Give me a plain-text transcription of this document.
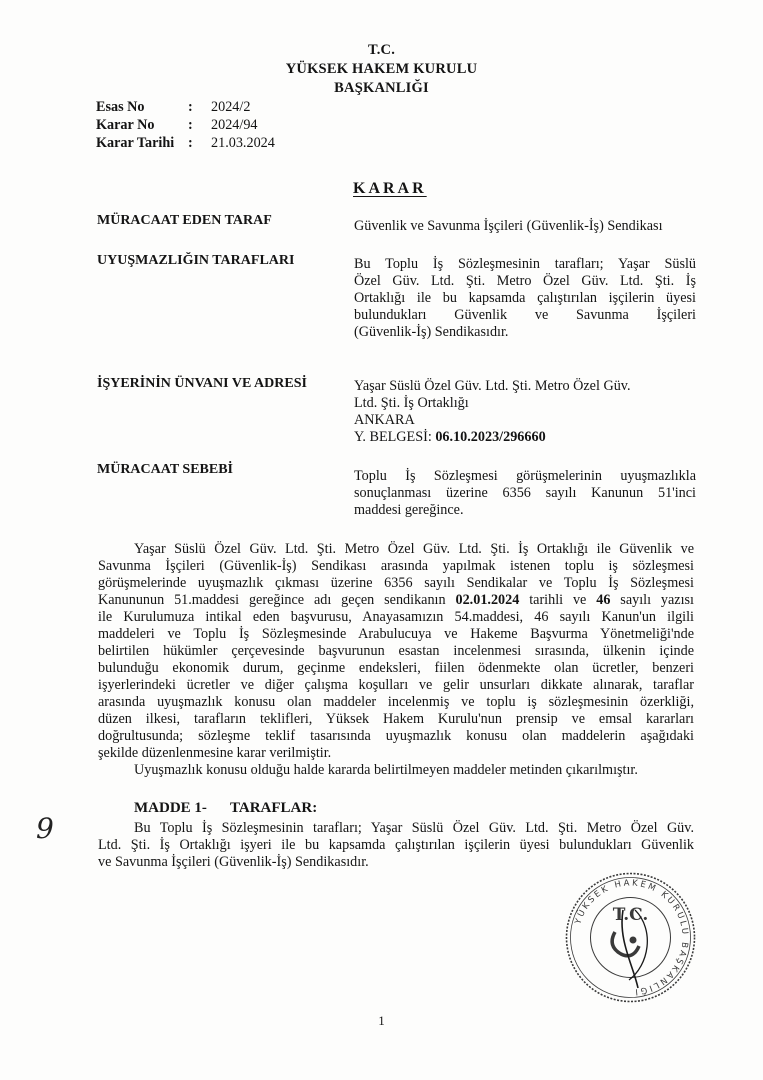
T.C.
YÜKSEK HAKEM KURULU
BAŞKANLIĞI
Esas No	: 2024/2
Karar No : 2024/94
Karar Tarihi : 21.03.2024
KARAR
MÜRACAAT EDEN TARAF	Güvenlik ve Savunma İşçileri (Güvenlik-İş) Sendikası
UYUŞMAZLIĞIN TARAFLARI	Bu Toplu İş Sözleşmesinin tarafları; Yaşar Süslü
Özel Güv. Ltd. Şti. Metro Özel Güv. Ltd. Şti. İş
Ortaklığı ile bu kapsamda çalıştırılan işçilerin üyesi
bulundukları Güvenlik ve Savunma İşçileri
(Güvenlik-İş) Sendikasıdır.
İŞYERİNİN ÜNVANI VE ADRESİ	Yaşar Süslü Özel Güv. Ltd. Şti. Metro Özel Güv.
Ltd. Şti. İş Ortaklığı
ANKARA
Y. BELGESİ: 06.10.2023/296660
MÜRACAAT SEBEBİ	Toplu İş Sözleşmesi görüşmelerinin uyuşmazlıkla
sonuçlanması üzerine 6356 sayılı Kanunun 51'inci
maddesi gereğince.
Yaşar Süslü Özel Güv. Ltd. Şti. Metro Özel Güv. Ltd. Şti. İş Ortaklığı ile Güvenlik ve
Savunma İşçileri (Güvenlik-İş) Sendikası arasında yapılmak istenen toplu iş sözleşmesi
görüşmelerinde uyuşmazlık çıkması üzerine 6356 sayılı Sendikalar ve Toplu İş Sözleşmesi
Kanununun 51.maddesi gereğince adı geçen sendikanın 02.01.2024 tarihli ve 46 sayılı yazısı
ile Kurulumuza intikal eden başvurusu, Anayasamızın 54.maddesi, 46 sayılı Kanun'un ilgili
maddeleri ve Toplu İş Sözleşmesinde Arabulucuya ve Hakeme Başvurma Yönetmeliği'nde
belirtilen hükümler çerçevesinde başvurunun esastan incelenmesi sırasında, ülkenin içinde
bulunduğu ekonomik durum, geçinme endeksleri, fiilen ödenmekte olan ücretler, benzeri
işyerlerindeki ücretler ve diğer çalışma koşulları ve gelir unsurları dikkate alınarak, taraflar
arasında uyuşmazlık konusu olan maddeler incelenmiş ve toplu iş sözleşmesinin özerkliği,
düzen ilkesi, tarafların teklifleri, Yüksek Hakem Kurulu'nun prensip ve emsal kararları
doğrultusunda; sözleşme teklif tasarısında uyuşmazlık konusu olan maddelerin aşağıdaki
şekilde düzenlenmesine karar verilmiştir.
Uyuşmazlık konusu olduğu halde kararda belirtilmeyen maddeler metinden çıkarılmıştır.
MADDE 1- TARAFLAR:
Bu Toplu İş Sözleşmesinin tarafları; Yaşar Süslü Özel Güv. Ltd. Şti. Metro Özel Güv.
Ltd. Şti. İş Ortaklığı işyeri ile bu kapsamda çalıştırılan işçilerin üyesi bulundukları Güvenlik
ve Savunma İşçileri (Güvenlik-İş) Sendikasıdır.
9
YÜKSEK HAKEM KURULU BAŞKANLIĞI
T.C.
1
